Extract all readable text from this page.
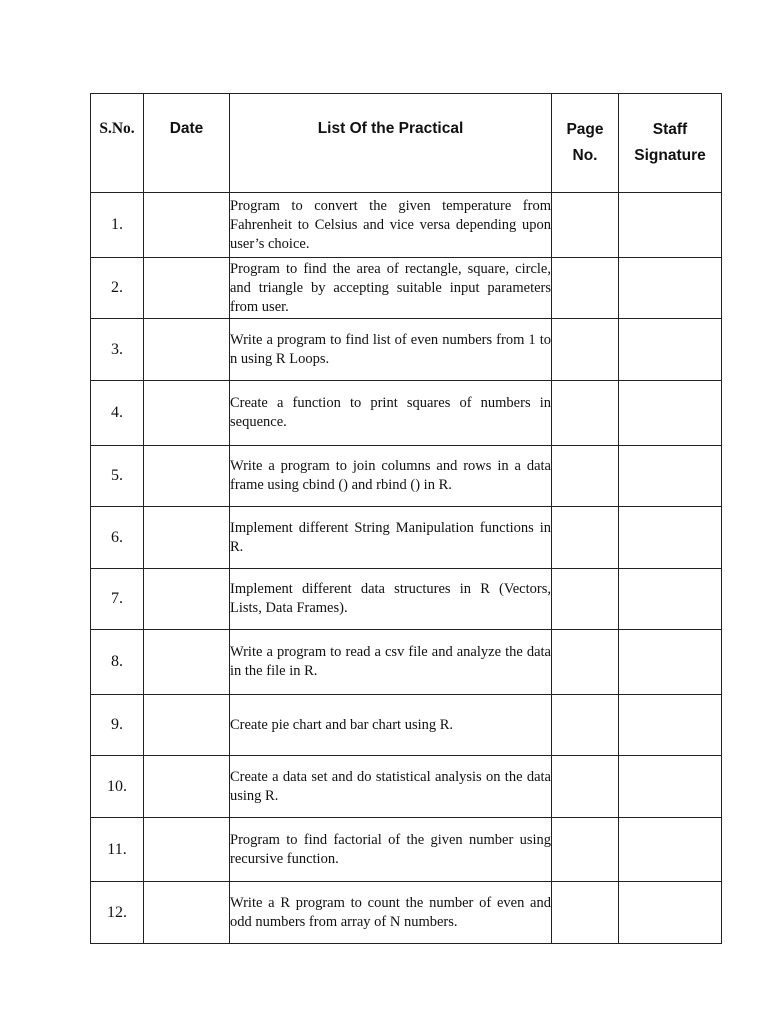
S.No.	Date	List Of the Practical	Page No.	Staff Signature
1.		Program to convert the given temperature from Fahrenheit to Celsius and vice versa depending upon user’s choice.		
2.		Program to find the area of rectangle, square, circle, and triangle by accepting suitable input parameters from user.		
3.		Write a program to find list of even numbers from 1 to n using R Loops.		
4.		Create a function to print squares of numbers in sequence.		
5.		Write a program to join columns and rows in a data frame using cbind () and rbind () in R.		
6.		Implement different String Manipulation functions in R.		
7.		Implement different data structures in R (Vectors, Lists, Data Frames).		
8.		Write a program to read a csv file and analyze the data in the file in R.		
9.		Create pie chart and bar chart using R.		
10.		Create a data set and do statistical analysis on the data using R.		
11.		Program to find factorial of the given number using recursive function.		
12.		Write a R program to count the number of even and odd numbers from array of N numbers.		
